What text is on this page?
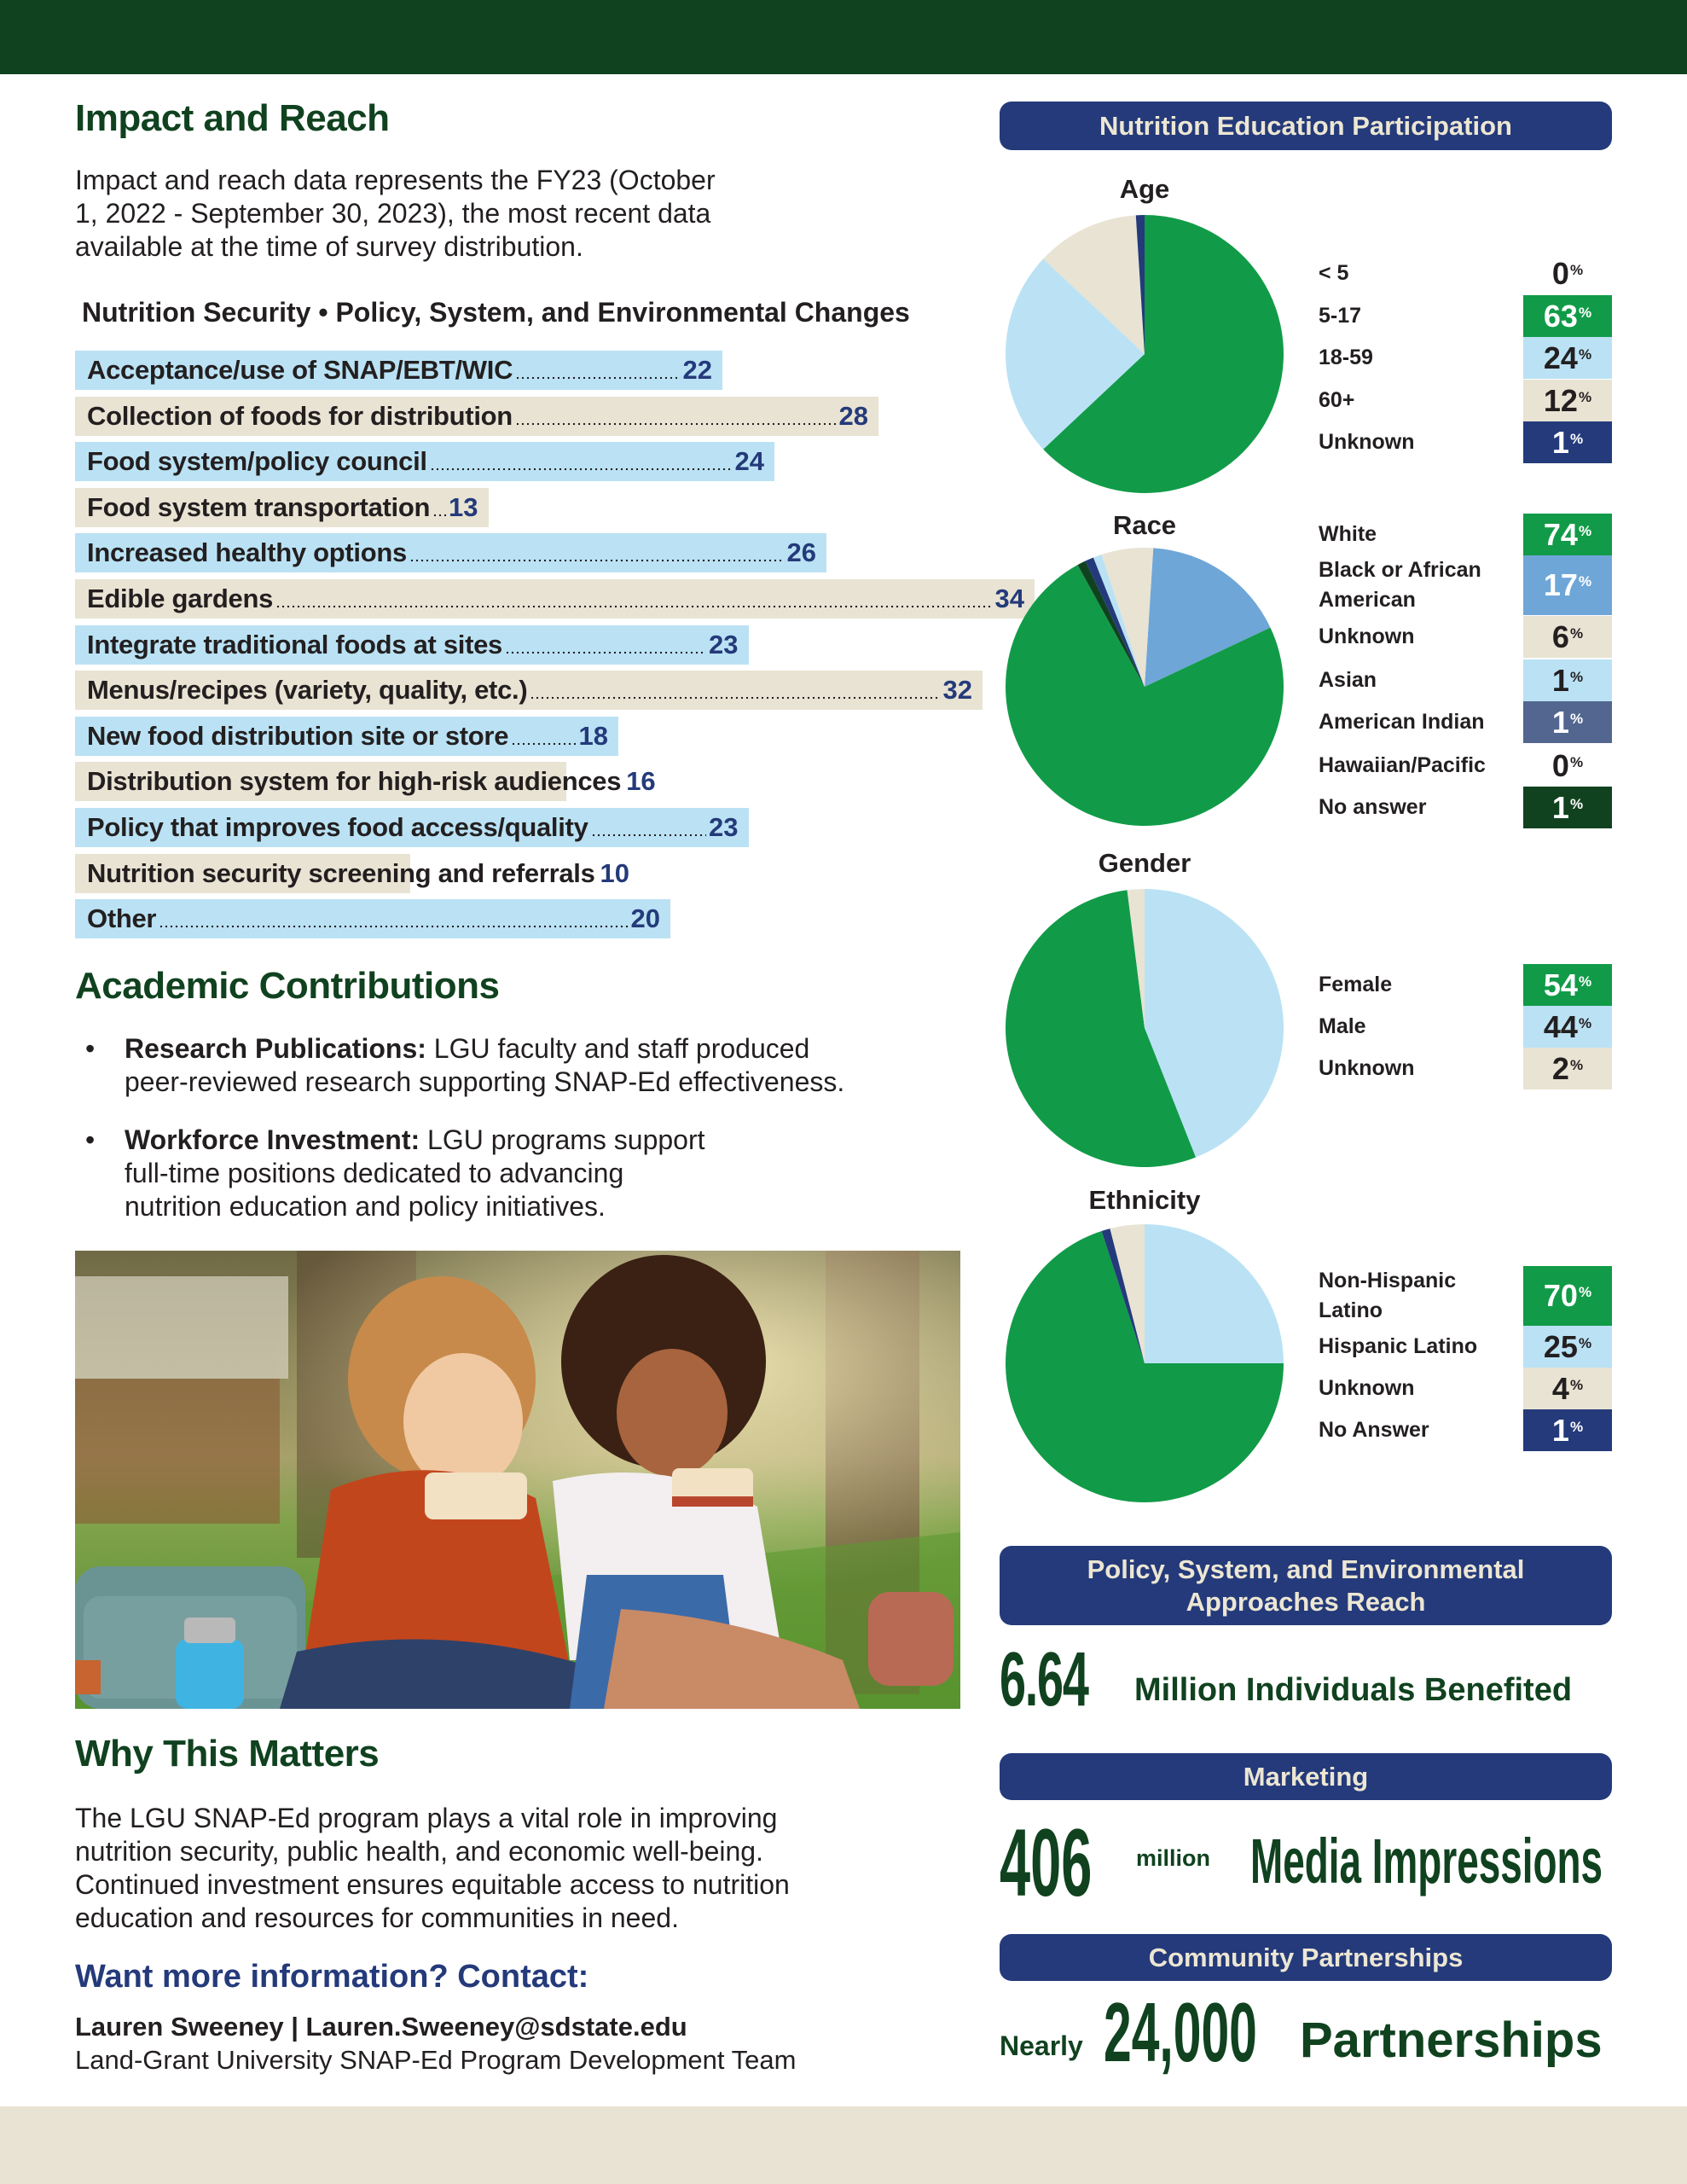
Impact and Reach
Impact and reach data represents the FY23 (October
1, 2022 - September 30, 2023), the most recent data
available at the time of survey distribution.
Nutrition Security • Policy, System, and Environmental Changes
Acceptance/use of SNAP/EBT/WIC	22
Collection of foods for distribution	28
Food system/policy council	24
Food system transportation 13
Increased healthy options	26
Edible gardens	34
Integrate traditional foods at sites	23
Menus/recipes (variety, quality, etc.)	32
New food distribution site or store	18
Distribution system for high-risk audiences 16
Policy that improves food access/quality	23
Nutrition security screening and referrals 10
Other	20
Academic Contributions
• Research Publications: LGU faculty and staff produced
peer-reviewed research supporting SNAP-Ed effectiveness.
• Workforce Investment: LGU programs support
full-time positions dedicated to advancing
nutrition education and policy initiatives.
Why This Matters
The LGU SNAP-Ed program plays a vital role in improving
nutrition security, public health, and economic well-being.
Continued investment ensures equitable access to nutrition
education and resources for communities in need.
Want more information? Contact:
Lauren Sweeney | Lauren.Sweeney@sdstate.edu
Land-Grant University SNAP-Ed Program Development Team
Nutrition Education Participation
Age
< 5	0%
5-17	63%
18-59	24%
60+	12%
Unknown	1%
Race	White	74%
Black or African
American	17%
Unknown	6%
Asian	1%
American Indian 1%
Hawaiian/Pacific 0%
No answer	1%
Gender
Female	54%
Male	44%
Unknown	2%
Ethnicity
Non-Hispanic
Latino	70%
Hispanic Latino 25%
Unknown	4%
No Answer	1%
Policy, System, and Environmental
Approaches Reach
6.64 Million Individuals Benefited
Marketing
406 million Media Impressions
Community Partnerships
Nearly 24,000 Partnerships
